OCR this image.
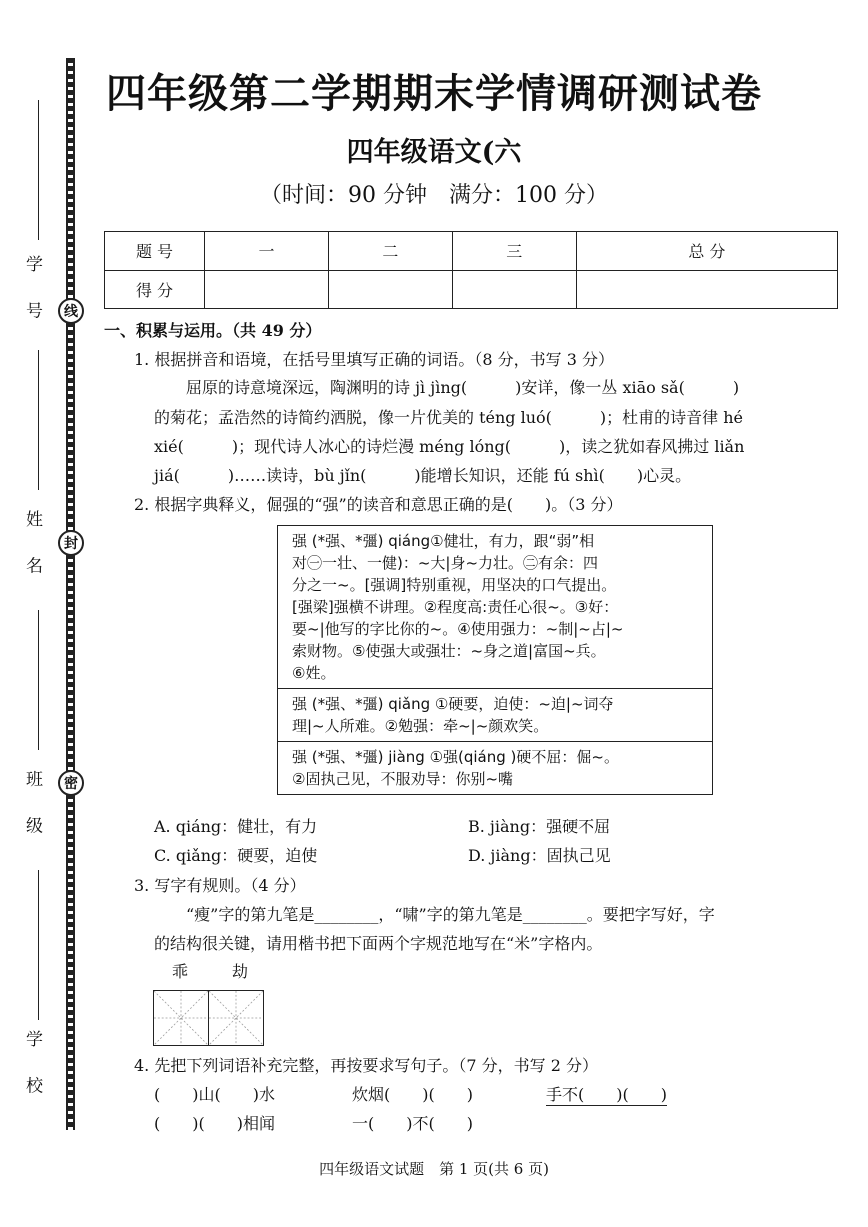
线
封
密
学 号
姓 名
班 级
学 校
四年级第二学期期末学情调研测试卷
四年级语文(六
（时间：90 分钟　满分：100 分）
题 号	一	二	三	总 分
得 分				
一、积累与运用。（共 49 分）
1. 根据拼音和语境，在括号里填写正确的词语。（8 分，书写 3 分）
屈原的诗意境深远，陶渊明的诗 jì jìng(　　　)安详，像一丛 xiāo sǎ(　　　)
的菊花；孟浩然的诗简约洒脱，像一片优美的 téng luó(　　　)；杜甫的诗音律 hé
xié(　　　)；现代诗人冰心的诗烂漫 méng lóng(　　　)，读之犹如春风拂过 liǎn
jiá(　　　)……读诗，bù jǐn(　　　)能增长知识，还能 fú shì(　　)心灵。
2. 根据字典释义，倔强的“强”的读音和意思正确的是(　　)。（3 分）
强 (*强、*彊) qiáng①健壮，有力，跟“弱”相
对㊀一壮、一健)：~大|身~力壮。㊁有余：四
分之一~。[强调]特别重视，用坚决的口气提出。
[强梁]强横不讲理。②程度高:责任心很~。③好：
要~|他写的字比你的~。④使用强力：~制|~占|~
索财物。⑤使强大或强壮：~身之道|富国~兵。
⑥姓。
强 (*强、*彊) qiǎng ①硬要，迫使：~迫|~词夺
理|~人所难。②勉强：牵~|~颜欢笑。
强 (*强、*彊) jiàng ①强(qiáng )硬不屈：倔~。
②固执己见，不服劝导：你别~嘴
A. qiáng：健壮，有力	B. jiàng：强硬不屈
C. qiǎng：硬要，迫使	D. jiàng：固执己见
3. 写字有规则。（4 分）
“瘦”字的第九笔是________，“啸”字的第九笔是________。要把字写好，字
的结构很关键，请用楷书把下面两个字规范地写在“米”字格内。
乖	劫
4. 先把下列词语补充完整，再按要求写句子。（7 分，书写 2 分）
(　　)山(　　)水	炊烟(　　)(　　)	手不(　　)(　　)
(　　)(　　)相闻	一(　　)不(　　)
四年级语文试题　第 1 页(共 6 页)
